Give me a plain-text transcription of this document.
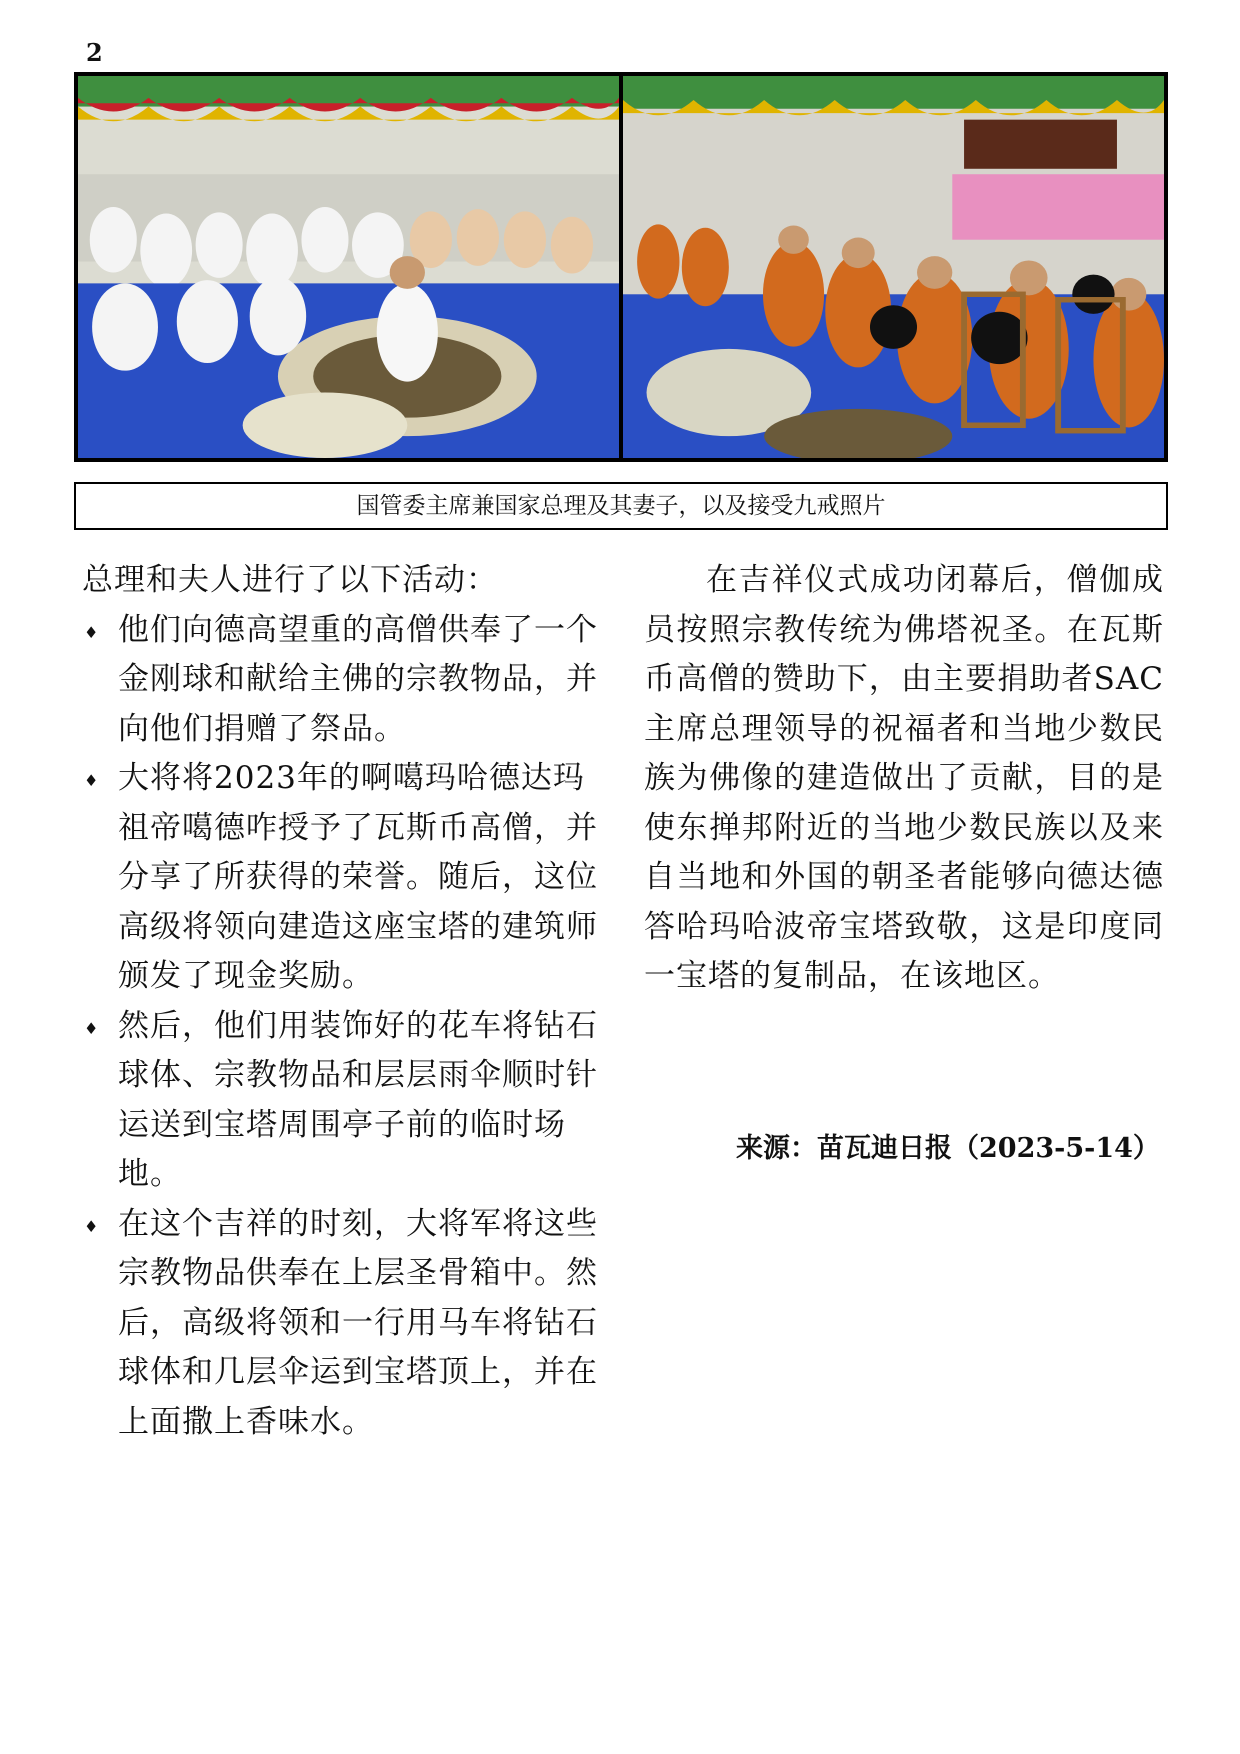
2
国管委主席兼国家总理及其妻子，以及接受九戒照片

总理和夫人进行了以下活动：

♦ 他们向德高望重的高僧供奉了一个金刚球和献给主佛的宗教物品，并向他们捐赠了祭品。
♦ 大将将2023年的啊噶玛哈德达玛祖帝噶德咋授予了瓦斯币高僧，并分享了所获得的荣誉。随后，这位高级将领向建造这座宝塔的建筑师颁发了现金奖励。
♦ 然后，他们用装饰好的花车将钻石球体、宗教物品和层层雨伞顺时针运送到宝塔周围亭子前的临时场地。
♦ 在这个吉祥的时刻，大将军将这些宗教物品供奉在上层圣骨箱中。然后，高级将领和一行用马车将钻石球体和几层伞运到宝塔顶上，并在上面撒上香味水。

在吉祥仪式成功闭幕后，僧伽成员按照宗教传统为佛塔祝圣。在瓦斯币高僧的赞助下，由主要捐助者SAC主席总理领导的祝福者和当地少数民族为佛像的建造做出了贡献，目的是使东掸邦附近的当地少数民族以及来自当地和外国的朝圣者能够向德达德答哈玛哈波帝宝塔致敬，这是印度同一宝塔的复制品，在该地区。

来源：苗瓦迪日报（2023-5-14）
